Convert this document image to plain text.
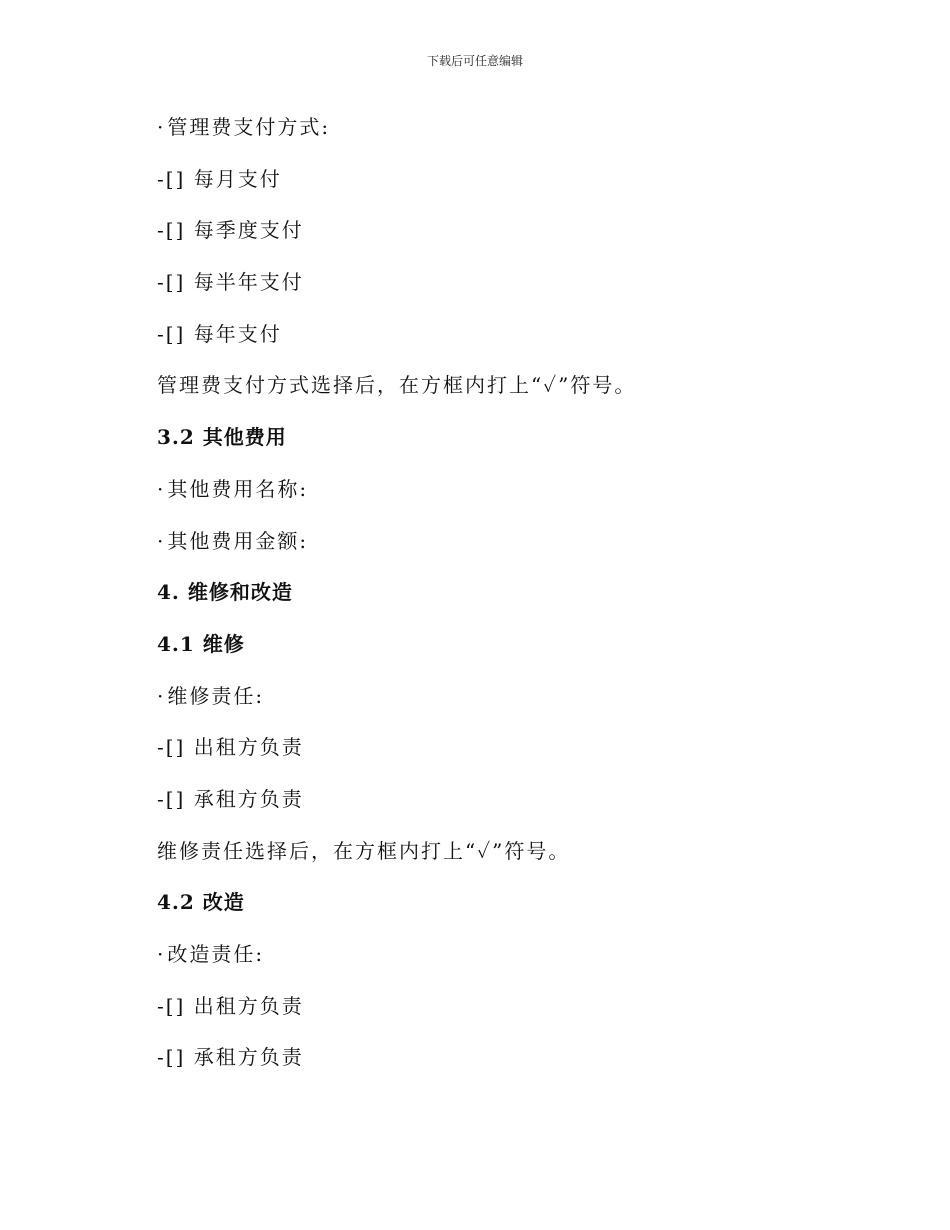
下载后可任意编辑
· 管理费支付方式:
-[] 每月支付
-[] 每季度支付
-[] 每半年支付
-[] 每年支付
管理费支付方式选择后，在方框内打上“✓”符号。
3.2 其他费用
· 其他费用名称:
· 其他费用金额:
4. 维修和改造
4.1 维修
· 维修责任:
-[] 出租方负责
-[] 承租方负责
维修责任选择后，在方框内打上“✓”符号。
4.2 改造
· 改造责任:
-[] 出租方负责
-[] 承租方负责
